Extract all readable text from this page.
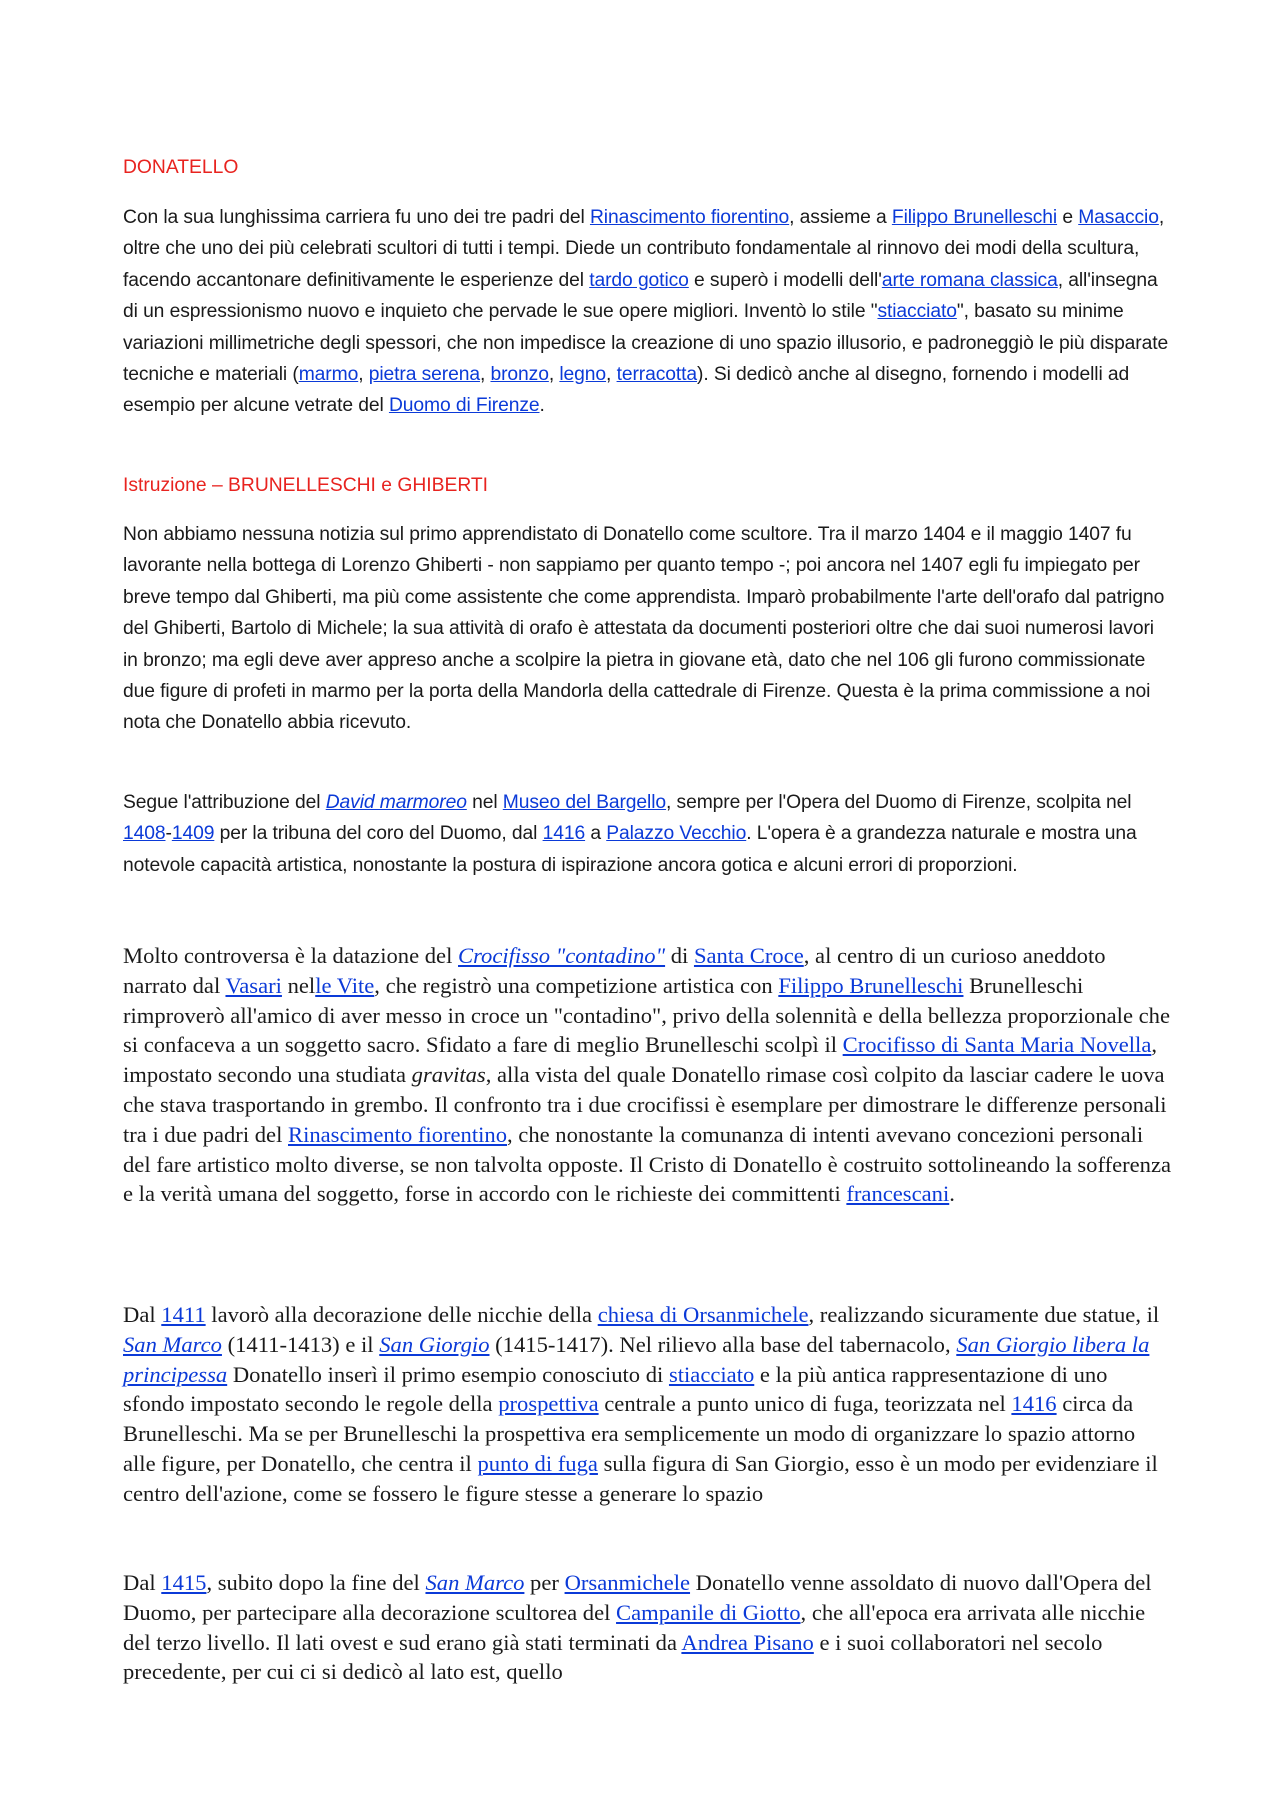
DONATELLO

Con la sua lunghissima carriera fu uno dei tre padri del Rinascimento fiorentino, assieme a Filippo Brunelleschi e Masaccio, oltre che uno dei più celebrati scultori di tutti i tempi. Diede un contributo fondamentale al rinnovo dei modi della scultura, facendo accantonare definitivamente le esperienze del tardo gotico e superò i modelli dell'arte romana classica, all'insegna di un espressionismo nuovo e inquieto che pervade le sue opere migliori. Inventò lo stile "stiacciato", basato su minime variazioni millimetriche degli spessori, che non impedisce la creazione di uno spazio illusorio, e padroneggiò le più disparate tecniche e materiali (marmo, pietra serena, bronzo, legno, terracotta). Si dedicò anche al disegno, fornendo i modelli ad esempio per alcune vetrate del Duomo di Firenze.

Istruzione – BRUNELLESCHI e GHIBERTI

Non abbiamo nessuna notizia sul primo apprendistato di Donatello come scultore. Tra il marzo 1404 e il maggio 1407 fu lavorante nella bottega di Lorenzo Ghiberti - non sappiamo per quanto tempo -; poi ancora nel 1407 egli fu impiegato per breve tempo dal Ghiberti, ma più come assistente che come apprendista. Imparò probabilmente l'arte dell'orafo dal patrigno del Ghiberti, Bartolo di Michele; la sua attività di orafo è attestata da documenti posteriori oltre che dai suoi numerosi lavori in bronzo; ma egli deve aver appreso anche a scolpire la pietra in giovane età, dato che nel 106 gli furono commissionate due figure di profeti in marmo per la porta della Mandorla della cattedrale di Firenze. Questa è la prima commissione a noi nota che Donatello abbia ricevuto.

Segue l'attribuzione del David marmoreo nel Museo del Bargello, sempre per l'Opera del Duomo di Firenze, scolpita nel 1408-1409 per la tribuna del coro del Duomo, dal 1416 a Palazzo Vecchio. L'opera è a grandezza naturale e mostra una notevole capacità artistica, nonostante la postura di ispirazione ancora gotica e alcuni errori di proporzioni.

Molto controversa è la datazione del Crocifisso "contadino" di Santa Croce, al centro di un curioso aneddoto narrato dal Vasari nelle Vite, che registrò una competizione artistica con Filippo Brunelleschi Brunelleschi rimproverò all'amico di aver messo in croce un "contadino", privo della solennità e della bellezza proporzionale che si confaceva a un soggetto sacro. Sfidato a fare di meglio Brunelleschi scolpì il Crocifisso di Santa Maria Novella, impostato secondo una studiata gravitas, alla vista del quale Donatello rimase così colpito da lasciar cadere le uova che stava trasportando in grembo. Il confronto tra i due crocifissi è esemplare per dimostrare le differenze personali tra i due padri del Rinascimento fiorentino, che nonostante la comunanza di intenti avevano concezioni personali del fare artistico molto diverse, se non talvolta opposte. Il Cristo di Donatello è costruito sottolineando la sofferenza e la verità umana del soggetto, forse in accordo con le richieste dei committenti francescani.

Dal 1411 lavorò alla decorazione delle nicchie della chiesa di Orsanmichele, realizzando sicuramente due statue, il San Marco (1411-1413) e il San Giorgio (1415-1417). Nel rilievo alla base del tabernacolo, San Giorgio libera la principessa Donatello inserì il primo esempio conosciuto di stiacciato e la più antica rappresentazione di uno sfondo impostato secondo le regole della prospettiva centrale a punto unico di fuga, teorizzata nel 1416 circa da Brunelleschi. Ma se per Brunelleschi la prospettiva era semplicemente un modo di organizzare lo spazio attorno alle figure, per Donatello, che centra il punto di fuga sulla figura di San Giorgio, esso è un modo per evidenziare il centro dell'azione, come se fossero le figure stesse a generare lo spazio

Dal 1415, subito dopo la fine del San Marco per Orsanmichele Donatello venne assoldato di nuovo dall'Opera del Duomo, per partecipare alla decorazione scultorea del Campanile di Giotto, che all'epoca era arrivata alle nicchie del terzo livello. Il lati ovest e sud erano già stati terminati da Andrea Pisano e i suoi collaboratori nel secolo precedente, per cui ci si dedicò al lato est, quello
